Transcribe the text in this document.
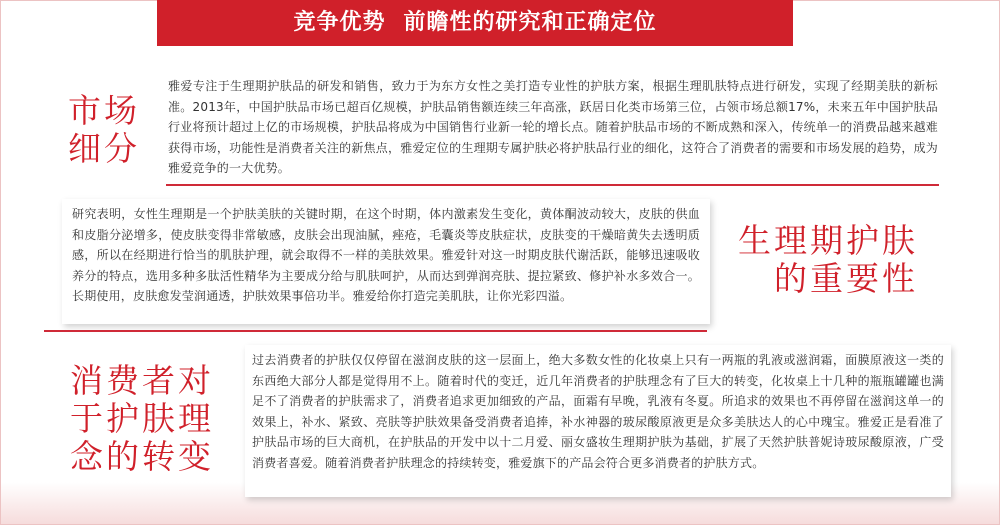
竞争优势 前瞻性的研究和正确定位
市场
细分
雅爱专注于生理期护肤品的研发和销售，致力于为东方女性之美打造专业性的护肤方案，根据生理肌肤特点进行研发，实现了经期美肤的新标准。2013年，中国护肤品市场已超百亿规模，护肤品销售额连续三年高涨，跃居日化类市场第三位，占领市场总额17%，未来五年中国护肤品行业将预计超过上亿的市场规模，护肤品将成为中国销售行业新一轮的增长点。随着护肤品市场的不断成熟和深入，传统单一的消费品越来越难获得市场，功能性是消费者关注的新焦点，雅爱定位的生理期专属护肤必将护肤品行业的细化，这符合了消费者的需要和市场发展的趋势，成为雅爱竞争的一大优势。
研究表明，女性生理期是一个护肤美肤的关键时期，在这个时期，体内激素发生变化，黄体酮波动较大，皮肤的供血和皮脂分泌增多，使皮肤变得非常敏感，皮肤会出现油腻，痤疮，毛囊炎等皮肤症状，皮肤变的干燥暗黄失去透明质感，所以在经期进行恰当的肌肤护理，就会取得不一样的美肤效果。雅爱针对这一时期皮肤代谢活跃，能够迅速吸收养分的特点，选用多种多肽活性精华为主要成分给与肌肤呵护，从而达到弹润亮肤、提拉紧致、修护补水多效合一。长期使用，皮肤愈发莹润通透，护肤效果事倍功半。雅爱给你打造完美肌肤，让你光彩四溢。
生理期护肤
的重要性
消费者对
于护肤理
念的转变
过去消费者的护肤仅仅停留在滋润皮肤的这一层面上，绝大多数女性的化妆桌上只有一两瓶的乳液或滋润霜，面膜原液这一类的东西绝大部分人都是觉得用不上。随着时代的变迁，近几年消费者的护肤理念有了巨大的转变，化妆桌上十几种的瓶瓶罐罐也满足不了消费者的护肤需求了，消费者追求更加细致的产品，面霜有早晚，乳液有冬夏。所追求的效果也不再停留在滋润这单一的效果上，补水、紧致、亮肤等护肤效果备受消费者追捧，补水神器的玻尿酸原液更是众多美肤达人的心中瑰宝。雅爱正是看准了护肤品市场的巨大商机，在护肤品的开发中以十二月爱、丽女盛妆生理期护肤为基础，扩展了天然护肤普妮诗玻尿酸原液，广受消费者喜爱。随着消费者护肤理念的持续转变，雅爱旗下的产品会符合更多消费者的护肤方式。
